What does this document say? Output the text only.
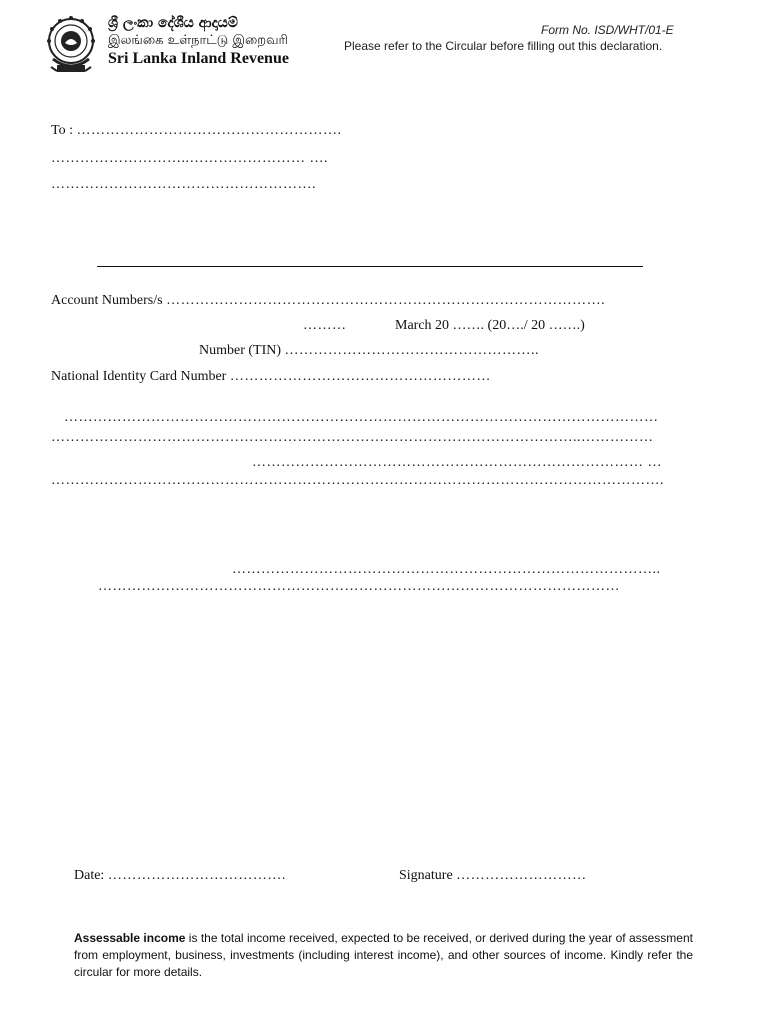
ශ්‍රී ලංකා දේශීය ආදායම්
இலங்கை உள்நாட்டு இறைவரி
Sri Lanka Inland Revenue
Form No. ISD/WHT/01-E
Please refer to the Circular before filling out this declaration.
To : ……………………………………………….
………………………..…………………… ….
……………………………………………….
Account Numbers/s ……………………………………………………………………………….
………	March 20 ……. (20…./ 20 …….)
Number (TIN) ……………………………………………..
National Identity Card Number ………………………………………………
……………………………………………………………………………………………………………
………………………………………………………………………………………………..……………
……………………………………………………………………… …
……………………………………………………………………………………………………………….
……………………………………………………………………………..
………………………………………………………………………………………………
Date: ……………………………….	Signature ………………………
Assessable income is the total income received, expected to be received, or derived during the year of assessment from employment, business, investments (including interest income), and other sources of income. Kindly refer the circular for more details.
